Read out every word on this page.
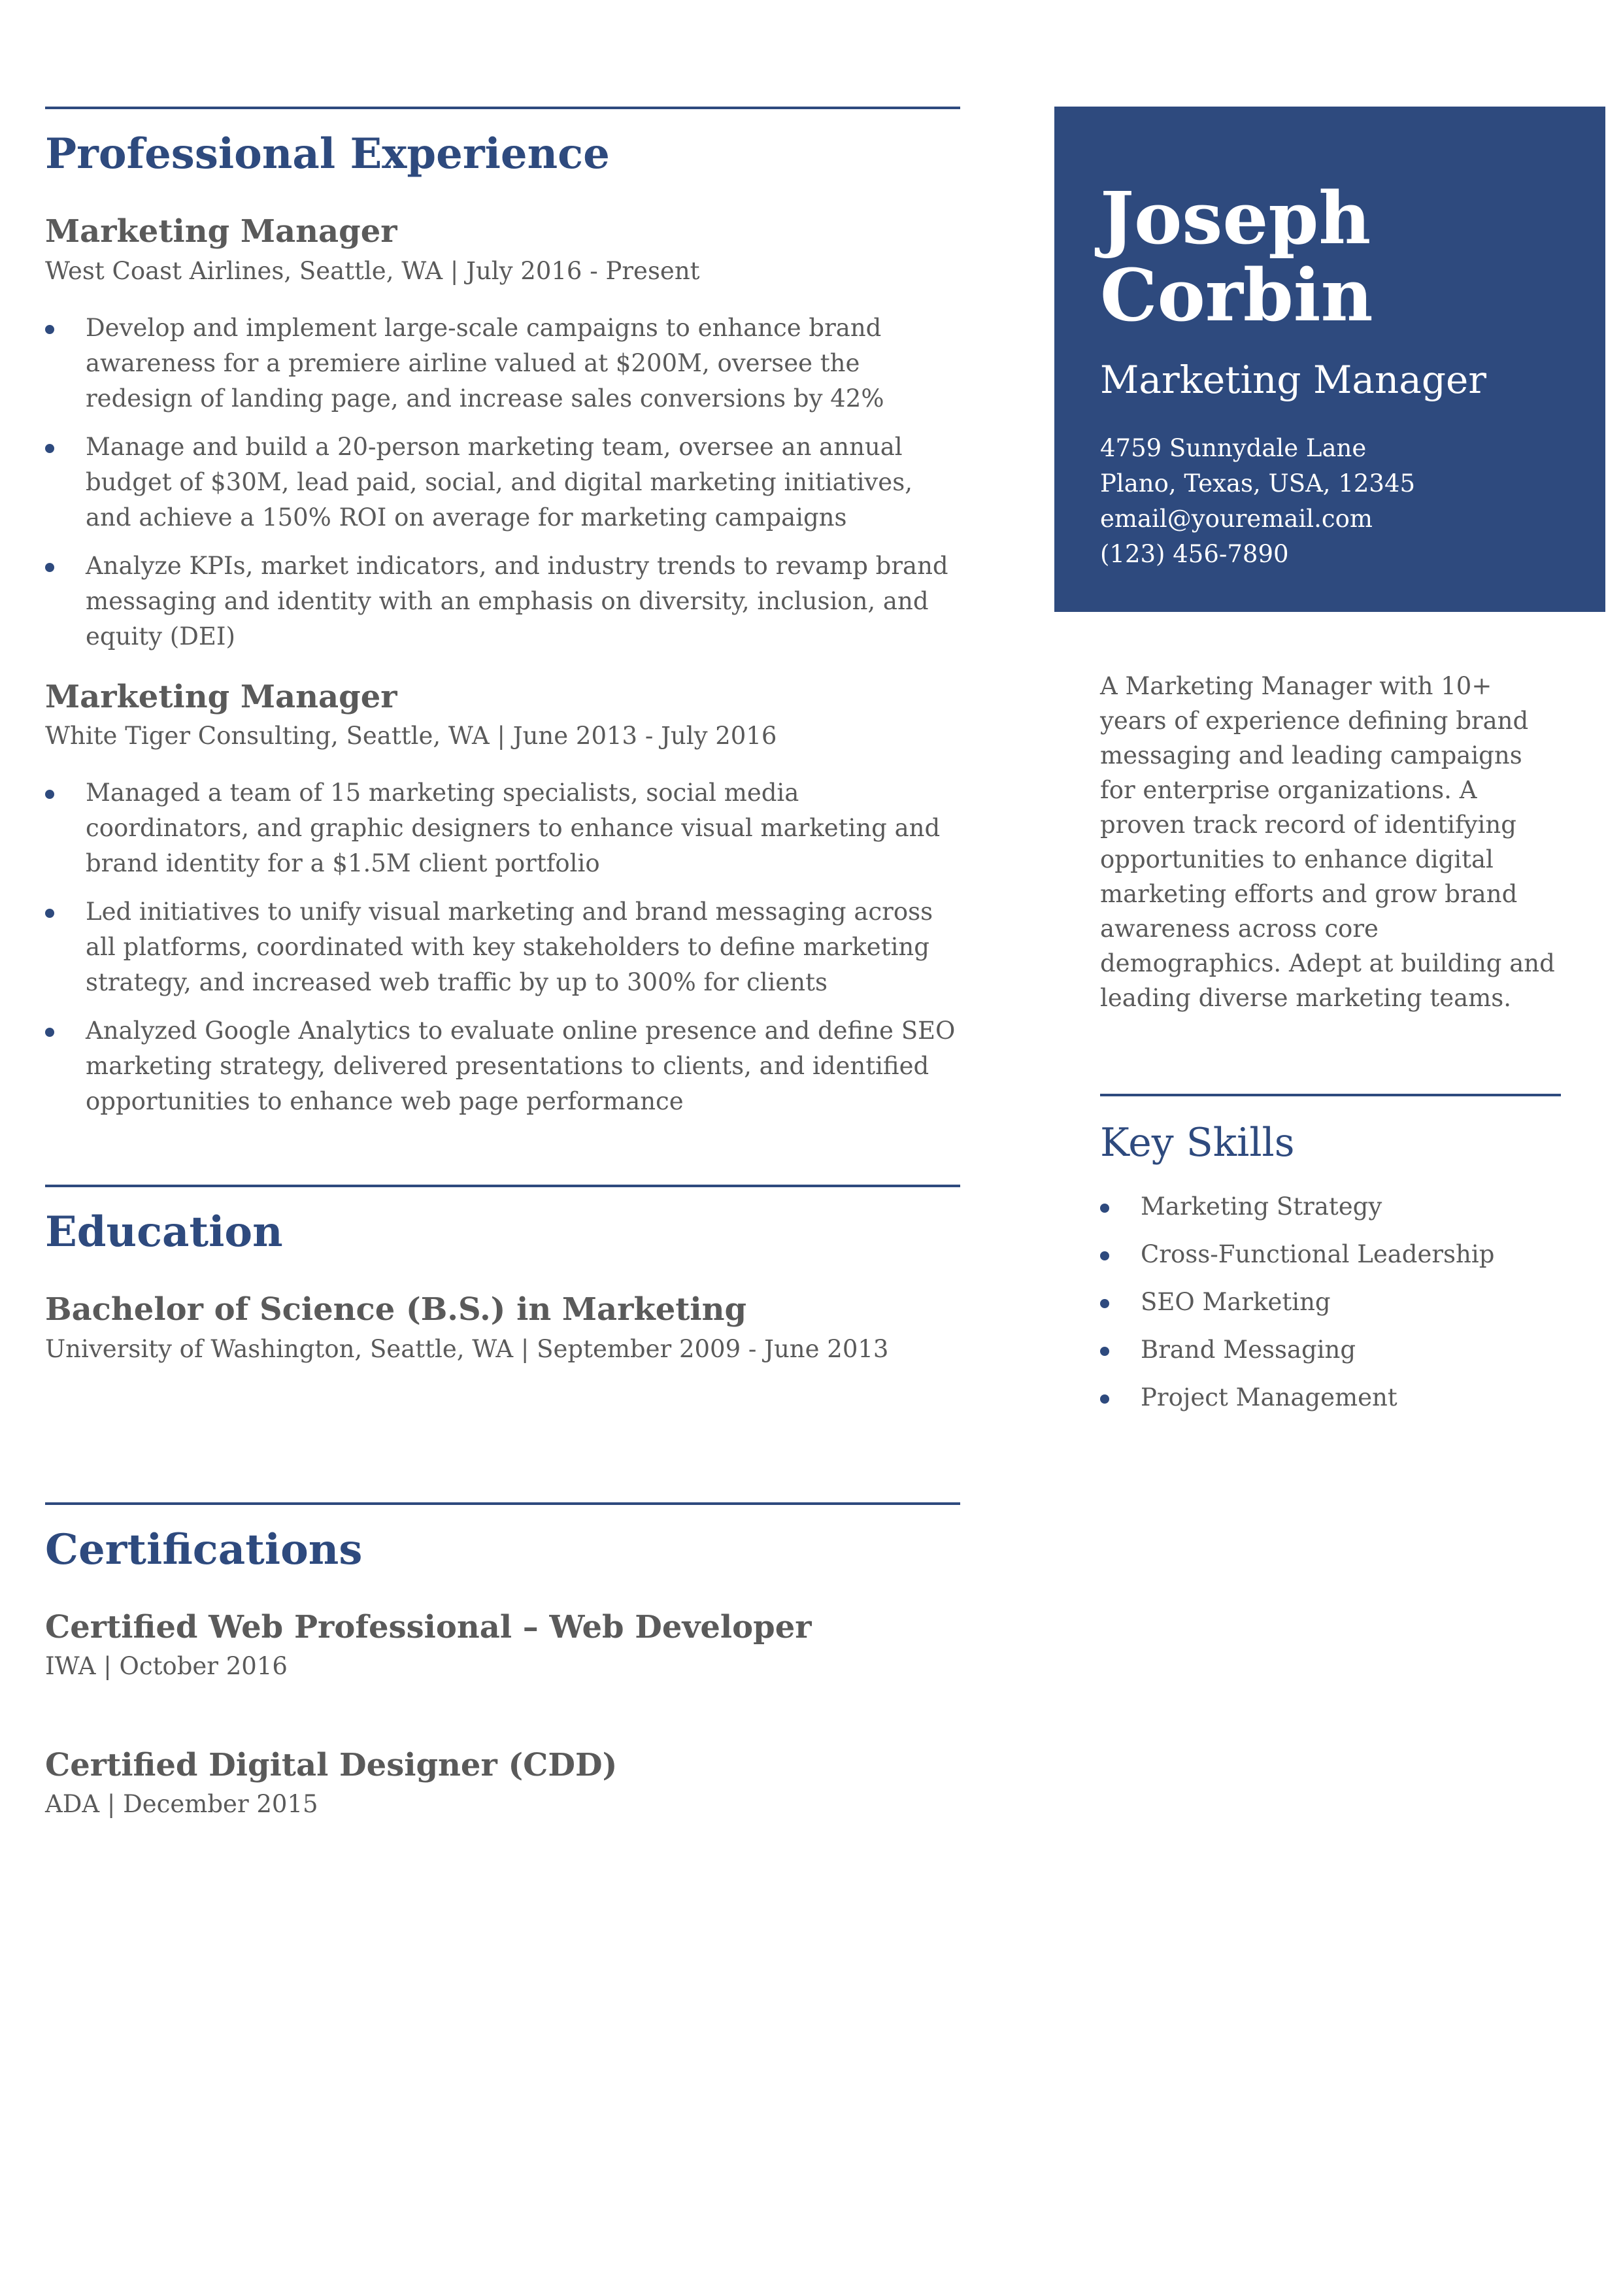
Professional Experience
Marketing Manager

West Coast Airlines, Seattle, WA | July 2016 - Present

Develop and implement large-scale campaigns to enhance brand awareness for a premiere airline valued at $200M, oversee the redesign of landing page, and increase sales conversions by 42%
Manage and build a 20-person marketing team, oversee an annual budget of $30M, lead paid, social, and digital marketing initiatives, and achieve a 150% ROI on average for marketing campaigns
Analyze KPIs, market indicators, and industry trends to revamp brand messaging and identity with an emphasis on diversity, inclusion, and equity (DEI)
Marketing Manager

White Tiger Consulting, Seattle, WA | June 2013 - July 2016

Managed a team of 15 marketing specialists, social media coordinators, and graphic designers to enhance visual marketing and brand identity for a $1.5M client portfolio
Led initiatives to unify visual marketing and brand messaging across all platforms, coordinated with key stakeholders to define marketing strategy, and increased web traffic by up to 300% for clients
Analyzed Google Analytics to evaluate online presence and define SEO marketing strategy, delivered presentations to clients, and identified opportunities to enhance web page performance
Education
Bachelor of Science (B.S.) in Marketing

University of Washington, Seattle, WA | September 2009 - June 2013

Certifications
Certified Web Professional – Web Developer

IWA | October 2016

Certified Digital Designer (CDD)

ADA | December 2015

Joseph
Corbin

Marketing Manager

4759 Sunnydale Lane
Plano, Texas, USA, 12345
email@youremail.com
(123) 456-7890

A Marketing Manager with 10+ years of experience defining brand messaging and leading campaigns for enterprise organizations. A proven track record of identifying opportunities to enhance digital marketing efforts and grow brand awareness across core demographics. Adept at building and leading diverse marketing teams.

Key Skills
Marketing Strategy
Cross-Functional Leadership
SEO Marketing
Brand Messaging
Project Management
